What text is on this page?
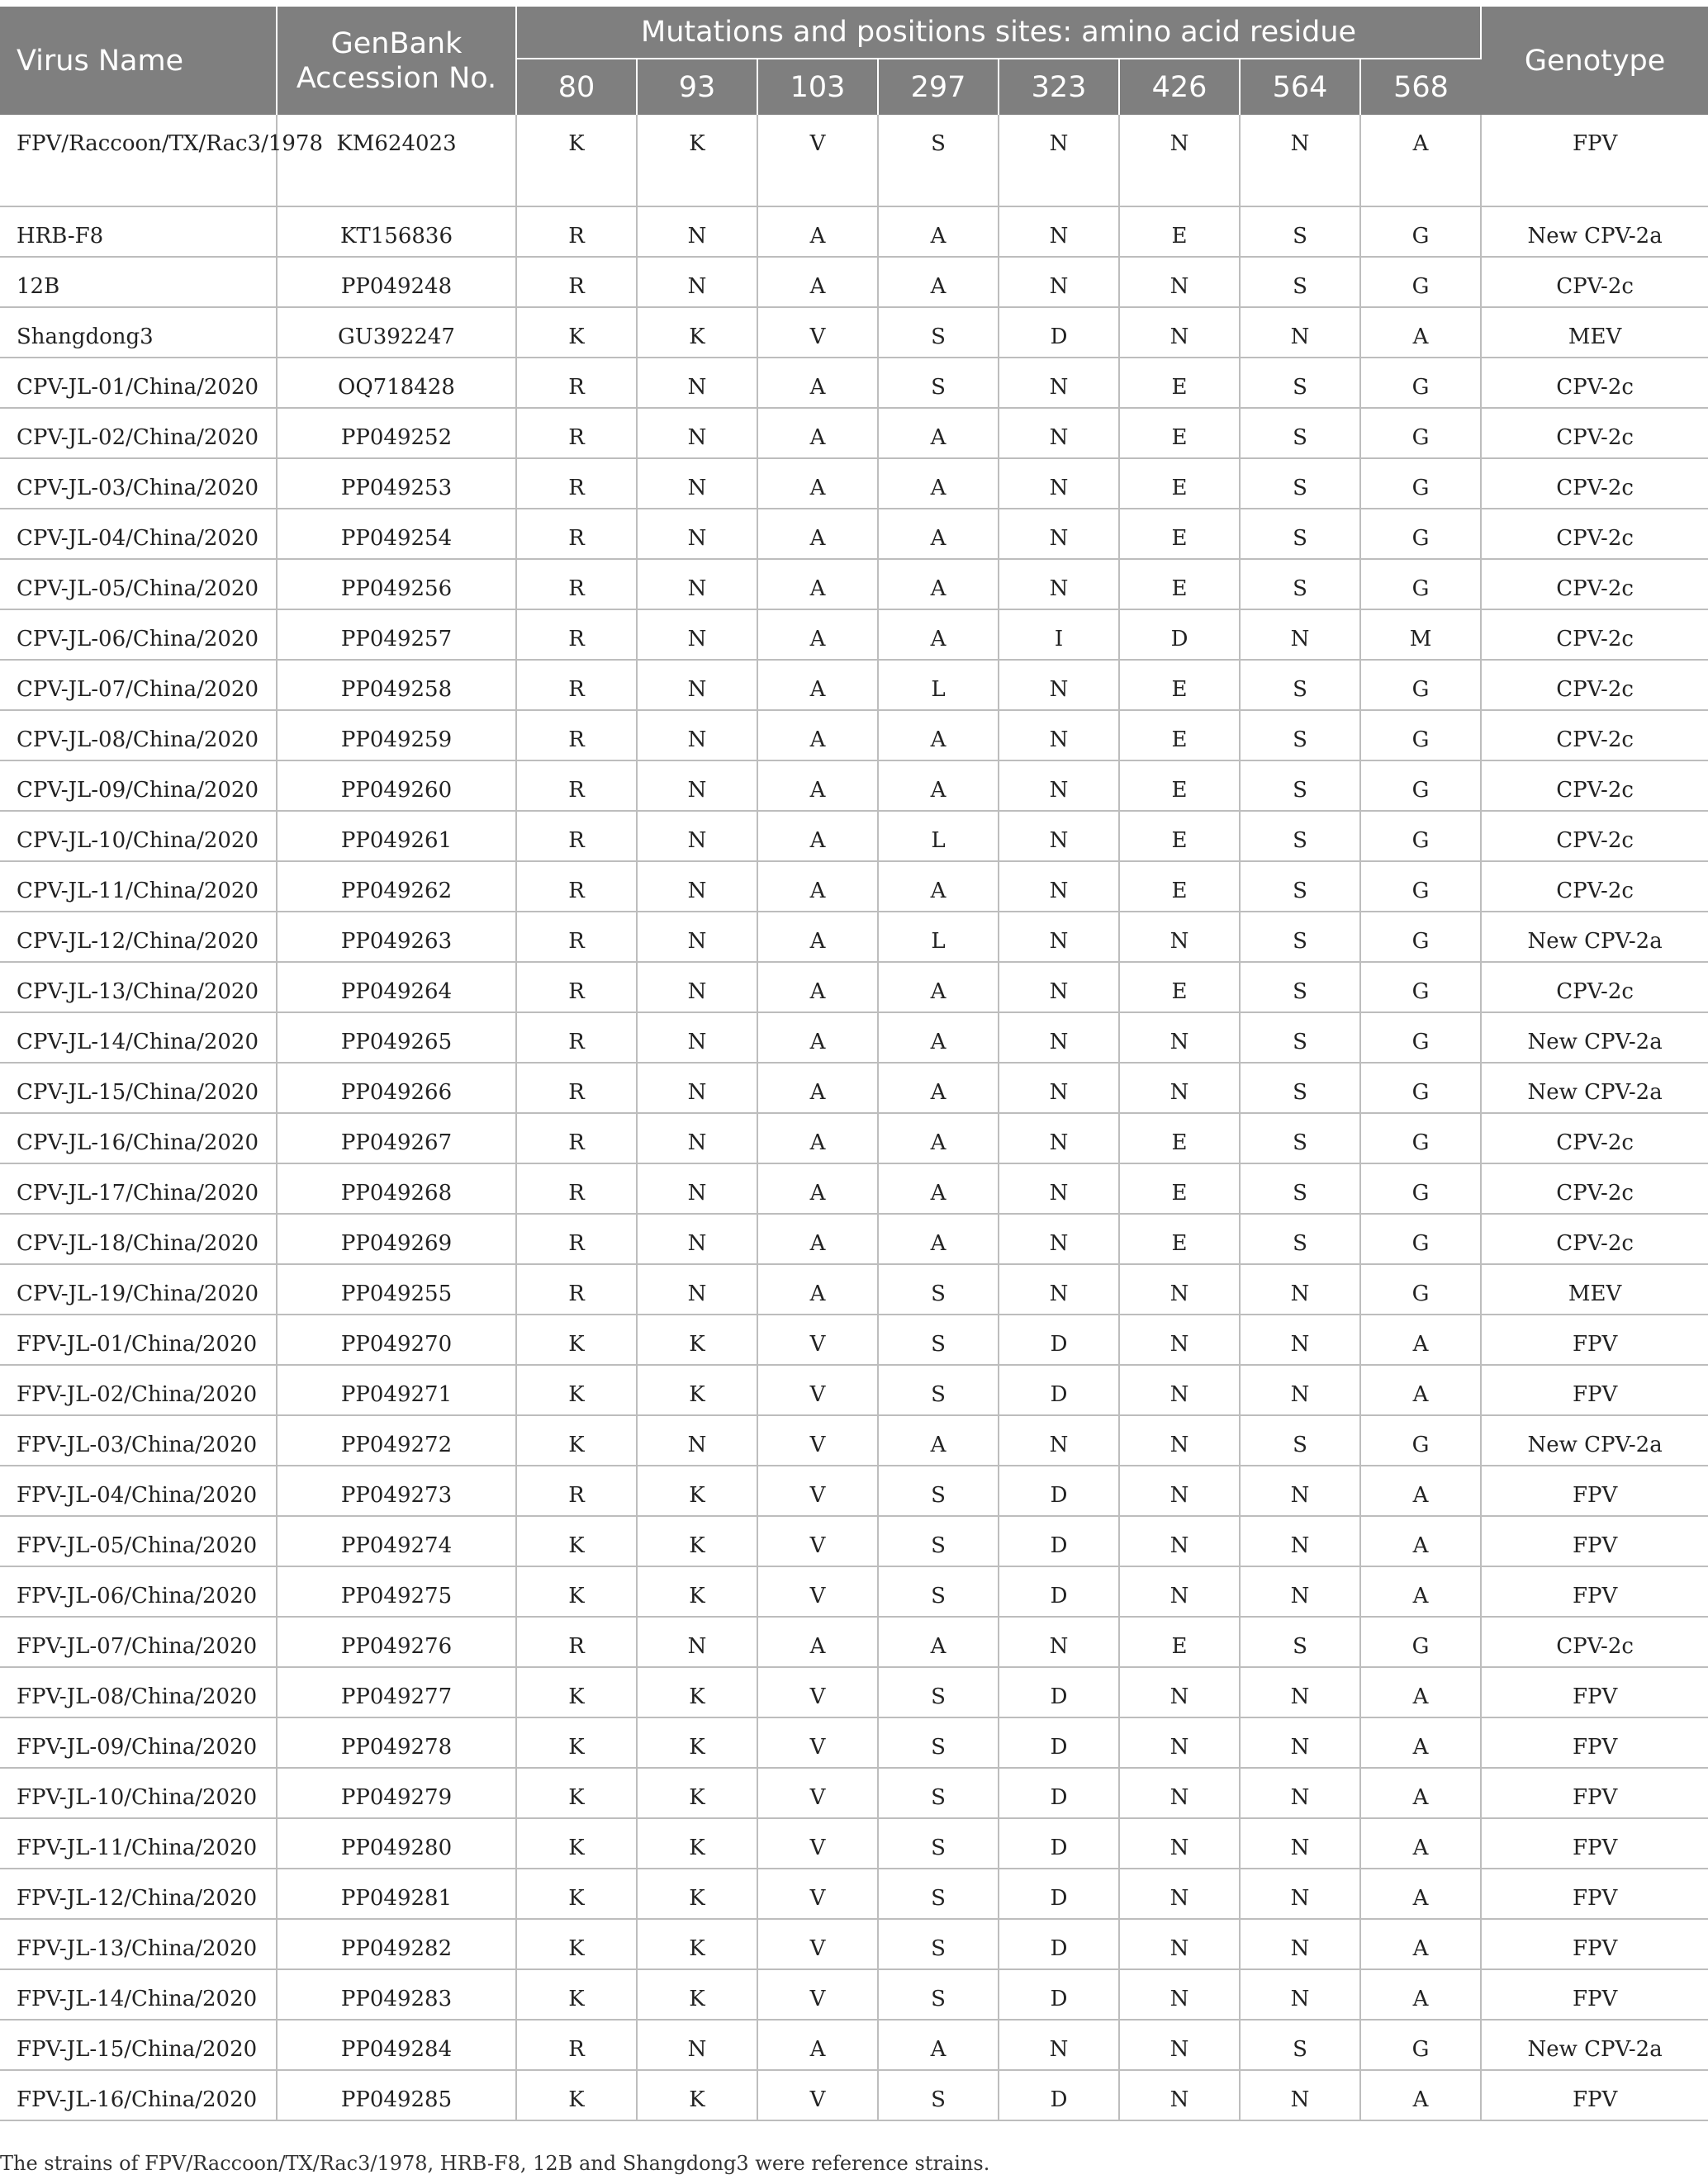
Virus Name	GenBank Accession No.	Mutations and positions sites: amino acid residue								Genotype
		80	93	103	297	323	426	564	568	
FPV/Raccoon/TX/Rac3/1978	KM624023	K	K	V	S	N	N	N	A	FPV
HRB-F8	KT156836	R	N	A	A	N	E	S	G	New CPV-2a
12B	PP049248	R	N	A	A	N	N	S	G	CPV-2c
Shangdong3	GU392247	K	K	V	S	D	N	N	A	MEV
CPV-JL-01/China/2020	OQ718428	R	N	A	S	N	E	S	G	CPV-2c
CPV-JL-02/China/2020	PP049252	R	N	A	A	N	E	S	G	CPV-2c
CPV-JL-03/China/2020	PP049253	R	N	A	A	N	E	S	G	CPV-2c
CPV-JL-04/China/2020	PP049254	R	N	A	A	N	E	S	G	CPV-2c
CPV-JL-05/China/2020	PP049256	R	N	A	A	N	E	S	G	CPV-2c
CPV-JL-06/China/2020	PP049257	R	N	A	A	I	D	N	M	CPV-2c
CPV-JL-07/China/2020	PP049258	R	N	A	L	N	E	S	G	CPV-2c
CPV-JL-08/China/2020	PP049259	R	N	A	A	N	E	S	G	CPV-2c
CPV-JL-09/China/2020	PP049260	R	N	A	A	N	E	S	G	CPV-2c
CPV-JL-10/China/2020	PP049261	R	N	A	L	N	E	S	G	CPV-2c
CPV-JL-11/China/2020	PP049262	R	N	A	A	N	E	S	G	CPV-2c
CPV-JL-12/China/2020	PP049263	R	N	A	L	N	N	S	G	New CPV-2a
CPV-JL-13/China/2020	PP049264	R	N	A	A	N	E	S	G	CPV-2c
CPV-JL-14/China/2020	PP049265	R	N	A	A	N	N	S	G	New CPV-2a
CPV-JL-15/China/2020	PP049266	R	N	A	A	N	N	S	G	New CPV-2a
CPV-JL-16/China/2020	PP049267	R	N	A	A	N	E	S	G	CPV-2c
CPV-JL-17/China/2020	PP049268	R	N	A	A	N	E	S	G	CPV-2c
CPV-JL-18/China/2020	PP049269	R	N	A	A	N	E	S	G	CPV-2c
CPV-JL-19/China/2020	PP049255	R	N	A	S	N	N	N	G	MEV
FPV-JL-01/China/2020	PP049270	K	K	V	S	D	N	N	A	FPV
FPV-JL-02/China/2020	PP049271	K	K	V	S	D	N	N	A	FPV
FPV-JL-03/China/2020	PP049272	K	N	V	A	N	N	S	G	New CPV-2a
FPV-JL-04/China/2020	PP049273	R	K	V	S	D	N	N	A	FPV
FPV-JL-05/China/2020	PP049274	K	K	V	S	D	N	N	A	FPV
FPV-JL-06/China/2020	PP049275	K	K	V	S	D	N	N	A	FPV
FPV-JL-07/China/2020	PP049276	R	N	A	A	N	E	S	G	CPV-2c
FPV-JL-08/China/2020	PP049277	K	K	V	S	D	N	N	A	FPV
FPV-JL-09/China/2020	PP049278	K	K	V	S	D	N	N	A	FPV
FPV-JL-10/China/2020	PP049279	K	K	V	S	D	N	N	A	FPV
FPV-JL-11/China/2020	PP049280	K	K	V	S	D	N	N	A	FPV
FPV-JL-12/China/2020	PP049281	K	K	V	S	D	N	N	A	FPV
FPV-JL-13/China/2020	PP049282	K	K	V	S	D	N	N	A	FPV
FPV-JL-14/China/2020	PP049283	K	K	V	S	D	N	N	A	FPV
FPV-JL-15/China/2020	PP049284	R	N	A	A	N	N	S	G	New CPV-2a
FPV-JL-16/China/2020	PP049285	K	K	V	S	D	N	N	A	FPV
The strains of FPV/Raccoon/TX/Rac3/1978, HRB-F8, 12B and Shangdong3 were reference strains.
